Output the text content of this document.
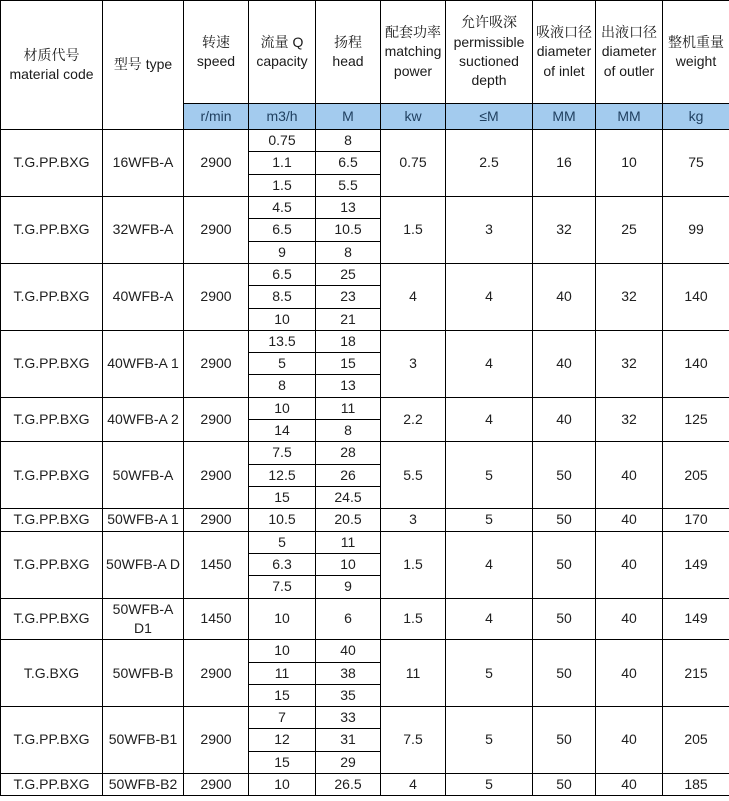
材质代号 material code	型号 type	转速 speed	流量 Q capacity	扬程 head	配套功率 matching power	允许吸深 permissible suctioned depth	吸液口径 diameter of inlet	出液口径 diameter of outler	整机重量 weight
		r/min	m3/h	M	kw	≤M	MM	MM	kg
T.G.PP.BXG	16WFB-A	2900	0.75	8	0.75	2.5	16	10	75
			1.1	6.5					
			1.5	5.5					
T.G.PP.BXG	32WFB-A	2900	4.5	13	1.5	3	32	25	99
			6.5	10.5					
			9	8					
T.G.PP.BXG	40WFB-A	2900	6.5	25	4	4	40	32	140
			8.5	23					
			10	21					
T.G.PP.BXG	40WFB-A 1	2900	13.5	18	3	4	40	32	140
			5	15					
			8	13					
T.G.PP.BXG	40WFB-A 2	2900	10	11	2.2	4	40	32	125
			14	8					
T.G.PP.BXG	50WFB-A	2900	7.5	28	5.5	5	50	40	205
			12.5	26					
			15	24.5					
T.G.PP.BXG	50WFB-A 1	2900	10.5	20.5	3	5	50	40	170
T.G.PP.BXG	50WFB-A D	1450	5	11	1.5	4	50	40	149
			6.3	10					
			7.5	9					
T.G.PP.BXG	50WFB-A D1	1450	10	6	1.5	4	50	40	149
T.G.BXG	50WFB-B	2900	10	40	11	5	50	40	215
			11	38					
			15	35					
T.G.PP.BXG	50WFB-B1	2900	7	33	7.5	5	50	40	205
			12	31					
			15	29					
T.G.PP.BXG	50WFB-B2	2900	10	26.5	4	5	50	40	185
